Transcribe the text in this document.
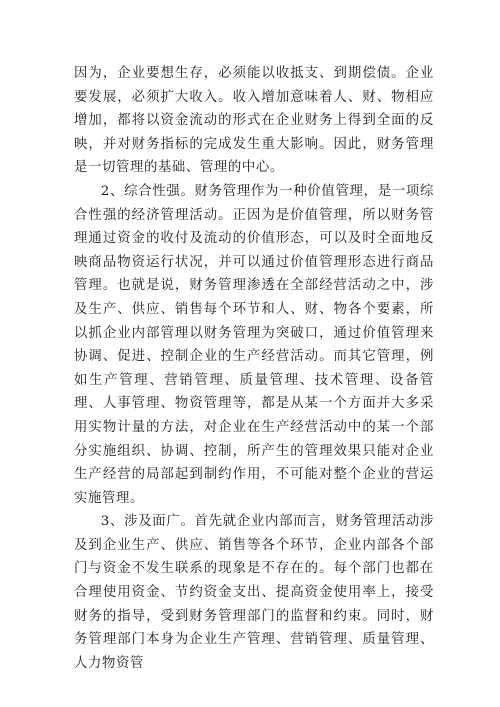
因为，企业要想生存，必须能以收抵支、到期偿债。企业要发展，必须扩大收入。收入增加意味着人、财、物相应增加，都将以资金流动的形式在企业财务上得到全面的反映，并对财务指标的完成发生重大影响。因此，财务管理是一切管理的基础、管理的中心。

2、综合性强。财务管理作为一种价值管理，是一项综合性强的经济管理活动。正因为是价值管理，所以财务管理通过资金的收付及流动的价值形态，可以及时全面地反映商品物资运行状况，并可以通过价值管理形态进行商品管理。也就是说，财务管理渗透在全部经营活动之中，涉及生产、供应、销售每个环节和人、财、物各个要素，所以抓企业内部管理以财务管理为突破口，通过价值管理来协调、促进、控制企业的生产经营活动。而其它管理，例如生产管理、营销管理、质量管理、技术管理、设备管理、人事管理、物资管理等，都是从某一个方面并大多采用实物计量的方法，对企业在生产经营活动中的某一个部分实施组织、协调、控制，所产生的管理效果只能对企业生产经营的局部起到制约作用，不可能对整个企业的营运实施管理。

3、涉及面广。首先就企业内部而言，财务管理活动涉及到企业生产、供应、销售等各个环节，企业内部各个部门与资金不发生联系的现象是不存在的。每个部门也都在合理使用资金、节约资金支出、提高资金使用率上，接受财务的指导，受到财务管理部门的监督和约束。同时，财务管理部门本身为企业生产管理、营销管理、质量管理、人力物资管
